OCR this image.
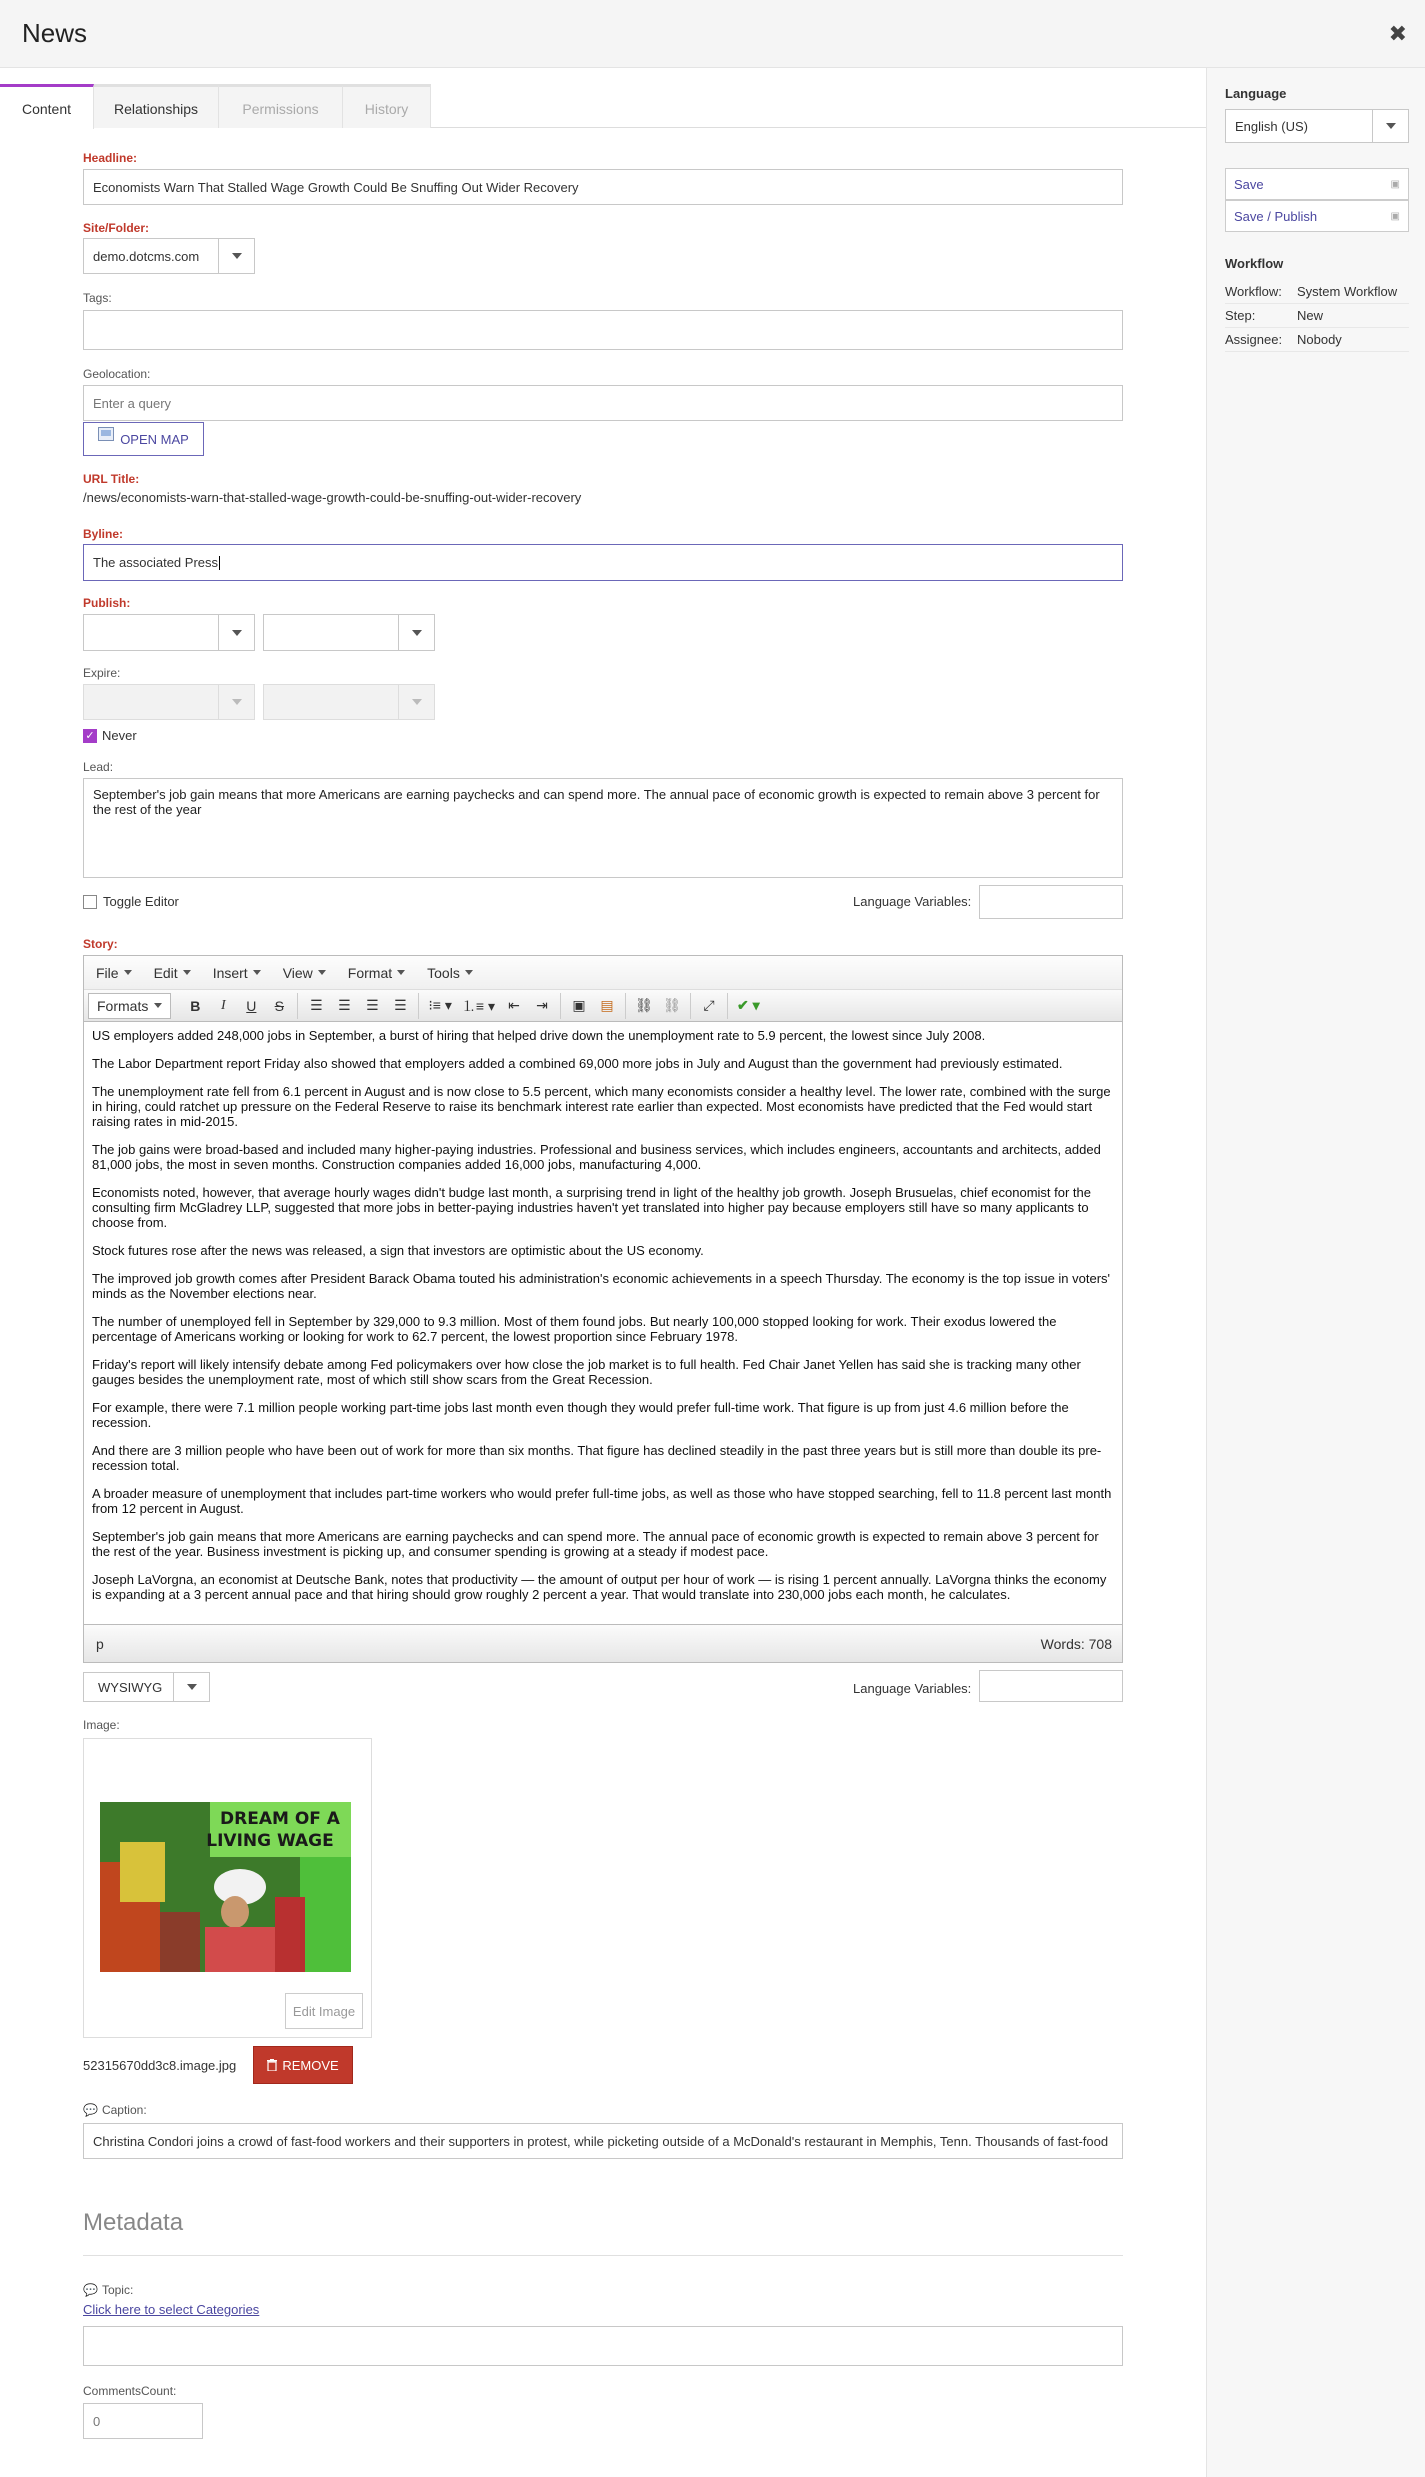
News	✖
Content	Relationships	Permissions	History
Headline:
Economists Warn That Stalled Wage Growth Could Be Snuffing Out Wider Recovery
Site/Folder:
demo.dotcms.com
Tags:
Geolocation:
Enter a query
OPEN MAP
URL Title:
/news/economists-warn-that-stalled-wage-growth-could-be-snuffing-out-wider-recovery
Byline:
The associated Press
Publish:
Expire:
✓ Never
Lead:
September's job gain means that more Americans are earning paychecks and can spend more. The annual pace of economic growth is expected to remain above 3 percent for the rest of the year
Toggle Editor	Language Variables:
Story:
File	Edit	Insert	View	Format	Tools
Formats	B	I	U	S	☰	☰	☰	☰	⁝≡ ▾ ⒈≡ ▾ ⇤	⇥	▣	▤	⛓ ⛓	⤢	✔ ▾

US employers added 248,000 jobs in September, a burst of hiring that helped drive down the unemployment rate to 5.9 percent, the lowest since July 2008.

The Labor Department report Friday also showed that employers added a combined 69,000 more jobs in July and August than the government had previously estimated.

The unemployment rate fell from 6.1 percent in August and is now close to 5.5 percent, which many economists consider a healthy level. The lower rate, combined with the surge in hiring, could ratchet up pressure on the Federal Reserve to raise its benchmark interest rate earlier than expected. Most economists have predicted that the Fed would start raising rates in mid-2015.

The job gains were broad-based and included many higher-paying industries. Professional and business services, which includes engineers, accountants and architects, added 81,000 jobs, the most in seven months. Construction companies added 16,000 jobs, manufacturing 4,000.

Economists noted, however, that average hourly wages didn't budge last month, a surprising trend in light of the healthy job growth. Joseph Brusuelas, chief economist for the consulting firm McGladrey LLP, suggested that more jobs in better-paying industries haven't yet translated into higher pay because employers still have so many applicants to choose from.

Stock futures rose after the news was released, a sign that investors are optimistic about the US economy.

The improved job growth comes after President Barack Obama touted his administration's economic achievements in a speech Thursday. The economy is the top issue in voters' minds as the November elections near.

The number of unemployed fell in September by 329,000 to 9.3 million. Most of them found jobs. But nearly 100,000 stopped looking for work. Their exodus lowered the percentage of Americans working or looking for work to 62.7 percent, the lowest proportion since February 1978.

Friday's report will likely intensify debate among Fed policymakers over how close the job market is to full health. Fed Chair Janet Yellen has said she is tracking many other gauges besides the unemployment rate, most of which still show scars from the Great Recession.

For example, there were 7.1 million people working part-time jobs last month even though they would prefer full-time work. That figure is up from just 4.6 million before the recession.

And there are 3 million people who have been out of work for more than six months. That figure has declined steadily in the past three years but is still more than double its pre-recession total.

A broader measure of unemployment that includes part-time workers who would prefer full-time jobs, as well as those who have stopped searching, fell to 11.8 percent last month from 12 percent in August.

September's job gain means that more Americans are earning paychecks and can spend more. The annual pace of economic growth is expected to remain above 3 percent for the rest of the year. Business investment is picking up, and consumer spending is growing at a steady if modest pace.

Joseph LaVorgna, an economist at Deutsche Bank, notes that productivity — the amount of output per hour of work — is rising 1 percent annually. LaVorgna thinks the economy is expanding at a 3 percent annual pace and that hiring should grow roughly 2 percent a year. That would translate into 230,000 jobs each month, he calculates.

p	Words: 708
WYSIWYG	Language Variables:
Image:
DREAM OF A
LIVING WAGE
Edit Image
52315670dd3c8.image.jpg	REMOVE
💬 Caption:
Christina Condori joins a crowd of fast-food workers and their supporters in protest, while picketing outside of a McDonald's restaurant in Memphis, Tenn. Thousands of fast-food
Metadata
💬 Topic:
Click here to select Categories
CommentsCount:
0
Language
English (US)
Save	▣
Save / Publish	▣
Workflow
Workflow:	System Workflow
Step:	New
Assignee:	Nobody
